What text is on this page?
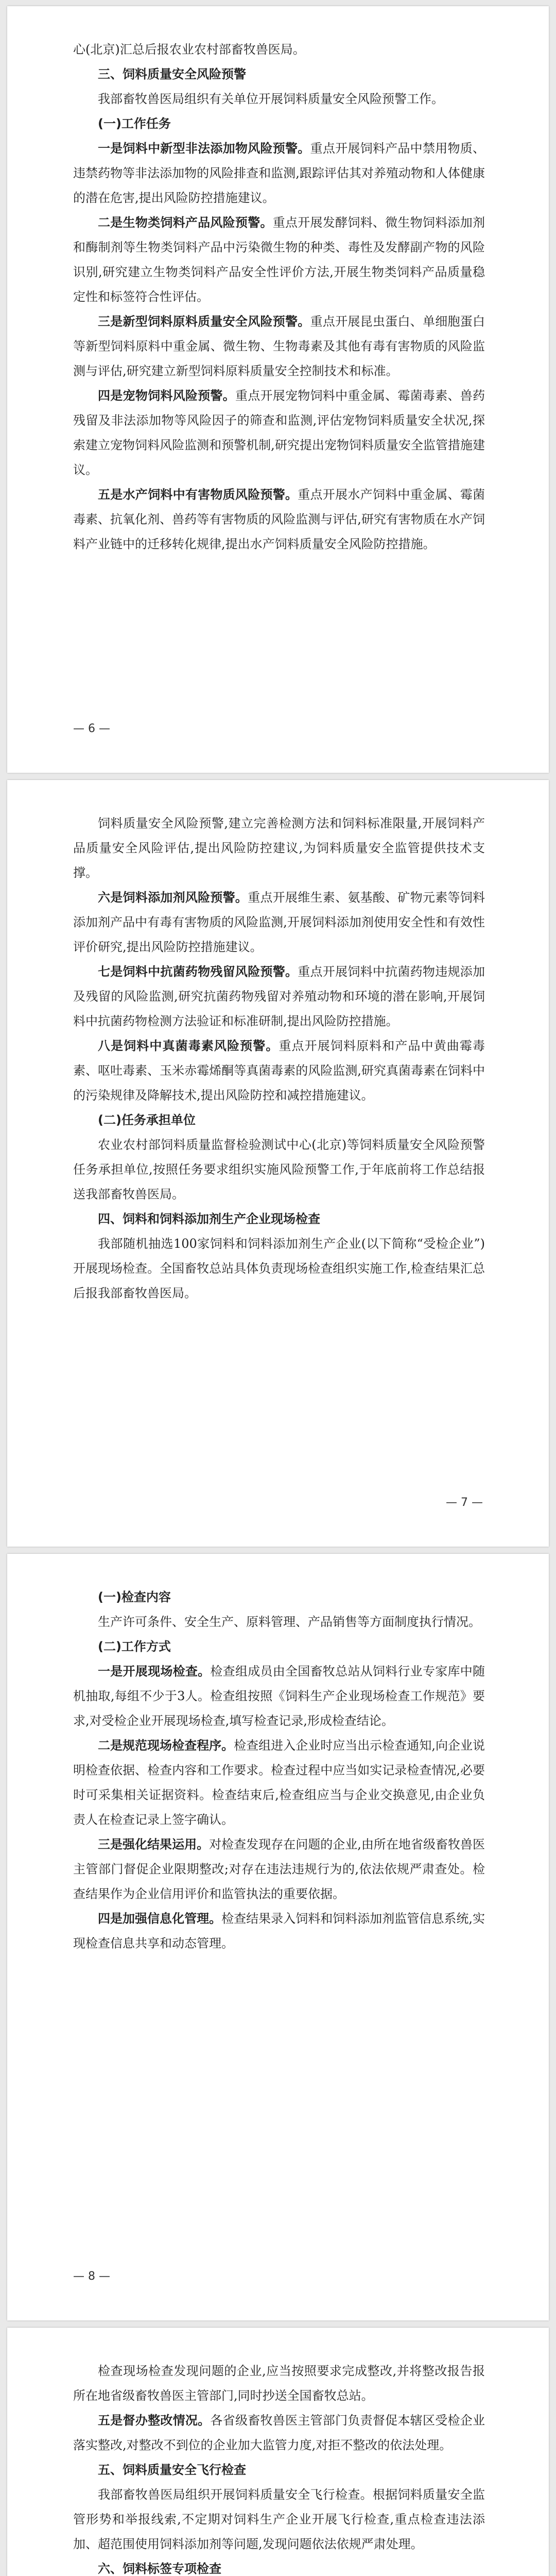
心(北京)汇总后报农业农村部畜牧兽医局。

三、饲料质量安全风险预警

我部畜牧兽医局组织有关单位开展饲料质量安全风险预警工作。

(一)工作任务

一是饲料中新型非法添加物风险预警。重点开展饲料产品中禁用物质、违禁药物等非法添加物的风险排查和监测,跟踪评估其对养殖动物和人体健康的潜在危害,提出风险防控措施建议。

二是生物类饲料产品风险预警。重点开展发酵饲料、微生物饲料添加剂和酶制剂等生物类饲料产品中污染微生物的种类、毒性及发酵副产物的风险识别,研究建立生物类饲料产品安全性评价方法,开展生物类饲料产品质量稳定性和标签符合性评估。

三是新型饲料原料质量安全风险预警。重点开展昆虫蛋白、单细胞蛋白等新型饲料原料中重金属、微生物、生物毒素及其他有毒有害物质的风险监测与评估,研究建立新型饲料原料质量安全控制技术和标准。

四是宠物饲料风险预警。重点开展宠物饲料中重金属、霉菌毒素、兽药残留及非法添加物等风险因子的筛查和监测,评估宠物饲料质量安全状况,探索建立宠物饲料风险监测和预警机制,研究提出宠物饲料质量安全监管措施建议。

五是水产饲料中有害物质风险预警。重点开展水产饲料中重金属、霉菌毒素、抗氧化剂、兽药等有害物质的风险监测与评估,研究有害物质在水产饲料产业链中的迁移转化规律,提出水产饲料质量安全风险防控措施。

— 6 —

饲料质量安全风险预警,建立完善检测方法和饲料标准限量,开展饲料产品质量安全风险评估,提出风险防控建议,为饲料质量安全监管提供技术支撑。

六是饲料添加剂风险预警。重点开展维生素、氨基酸、矿物元素等饲料添加剂产品中有毒有害物质的风险监测,开展饲料添加剂使用安全性和有效性评价研究,提出风险防控措施建议。

七是饲料中抗菌药物残留风险预警。重点开展饲料中抗菌药物违规添加及残留的风险监测,研究抗菌药物残留对养殖动物和环境的潜在影响,开展饲料中抗菌药物检测方法验证和标准研制,提出风险防控措施。

八是饲料中真菌毒素风险预警。重点开展饲料原料和产品中黄曲霉毒素、呕吐毒素、玉米赤霉烯酮等真菌毒素的风险监测,研究真菌毒素在饲料中的污染规律及降解技术,提出风险防控和减控措施建议。

(二)任务承担单位

农业农村部饲料质量监督检验测试中心(北京)等饲料质量安全风险预警任务承担单位,按照任务要求组织实施风险预警工作,于年底前将工作总结报送我部畜牧兽医局。

四、饲料和饲料添加剂生产企业现场检查

我部随机抽选100家饲料和饲料添加剂生产企业(以下简称“受检企业”)开展现场检查。全国畜牧总站具体负责现场检查组织实施工作,检查结果汇总后报我部畜牧兽医局。

— 7 —

(一)检查内容

生产许可条件、安全生产、原料管理、产品销售等方面制度执行情况。

(二)工作方式

一是开展现场检查。检查组成员由全国畜牧总站从饲料行业专家库中随机抽取,每组不少于3人。检查组按照《饲料生产企业现场检查工作规范》要求,对受检企业开展现场检查,填写检查记录,形成检查结论。

二是规范现场检查程序。检查组进入企业时应当出示检查通知,向企业说明检查依据、检查内容和工作要求。检查过程中应当如实记录检查情况,必要时可采集相关证据资料。检查结束后,检查组应当与企业交换意见,由企业负责人在检查记录上签字确认。

三是强化结果运用。对检查发现存在问题的企业,由所在地省级畜牧兽医主管部门督促企业限期整改;对存在违法违规行为的,依法依规严肃查处。检查结果作为企业信用评价和监管执法的重要依据。

四是加强信息化管理。检查结果录入饲料和饲料添加剂监管信息系统,实现检查信息共享和动态管理。

— 8 —

检查现场检查发现问题的企业,应当按照要求完成整改,并将整改报告报所在地省级畜牧兽医主管部门,同时抄送全国畜牧总站。

五是督办整改情况。各省级畜牧兽医主管部门负责督促本辖区受检企业落实整改,对整改不到位的企业加大监管力度,对拒不整改的依法处理。

五、饲料质量安全飞行检查

我部畜牧兽医局组织开展饲料质量安全飞行检查。根据饲料质量安全监管形势和举报线索,不定期对饲料生产企业开展飞行检查,重点检查违法添加、超范围使用饲料添加剂等问题,发现问题依法依规严肃处理。

六、饲料标签专项检查
